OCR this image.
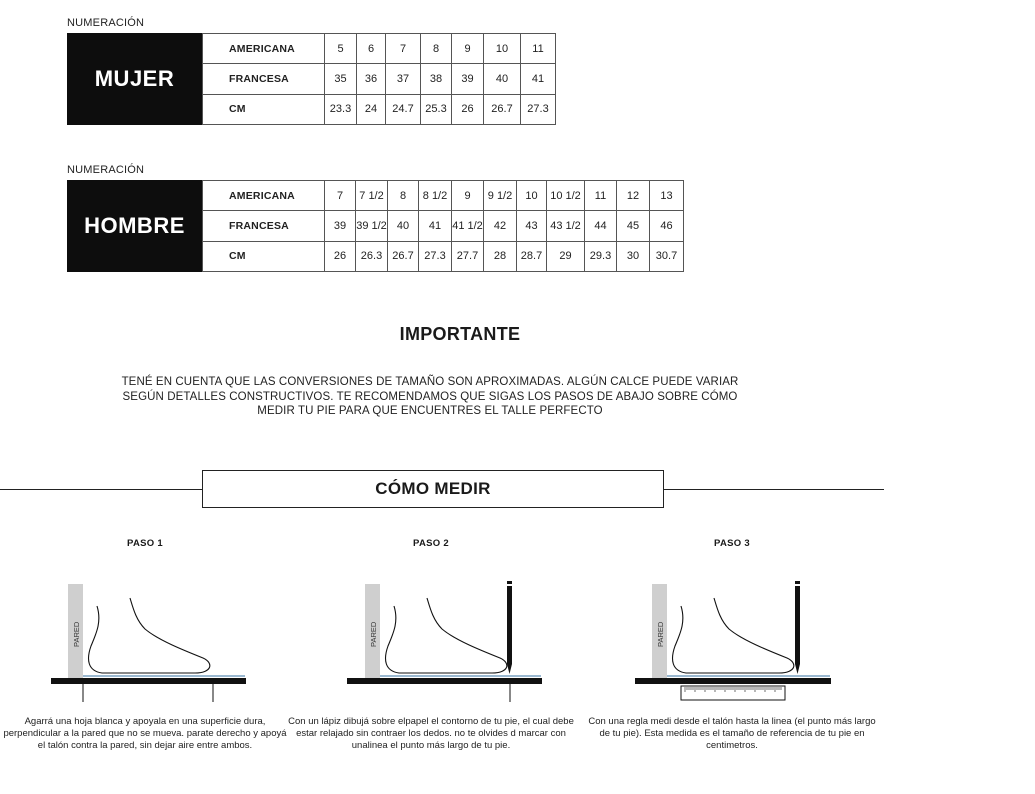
NUMERACIÓN
MUJER
AMERICANA	5	6	7	8	9	10	11
FRANCESA	35	36	37	38	39	40	41
CM	23.3	24	24.7	25.3	26	26.7	27.3
NUMERACIÓN
HOMBRE
AMERICANA	7	7 1/2	8	8 1/2	9	9 1/2	10	10 1/2	11	12	13
FRANCESA	39	39 1/2	40	41	41 1/2	42	43	43 1/2	44	45	46
CM	26	26.3	26.7	27.3	27.7	28	28.7	29	29.3	30	30.7
IMPORTANTE
TENÉ EN CUENTA QUE LAS CONVERSIONES DE TAMAÑO SON APROXIMADAS. ALGÚN CALCE PUEDE VARIAR SEGÚN DETALLES CONSTRUCTIVOS. TE RECOMENDAMOS QUE SIGAS LOS PASOS DE ABAJO SOBRE CÓMO MEDIR TU PIE PARA QUE ENCUENTRES EL TALLE PERFECTO
CÓMO MEDIR
PASO 1
PARED
Agarrá una hoja blanca y apoyala en una superficie dura, perpendicular a la pared que no se mueva. parate derecho y apoyá el talón contra la pared, sin dejar aire entre ambos.
PASO 2
PARED
Con un lápiz dibujá sobre elpapel el contorno de tu pie, el cual debe estar relajado sin contraer los dedos. no te olvides d marcar con unalinea el punto más largo de tu pie.
PASO 3
PARED
Con una regla medi desde el talón hasta la linea (el punto más largo de tu pie). Esta medida es el tamaño de referencia de tu pie en centimetros.
